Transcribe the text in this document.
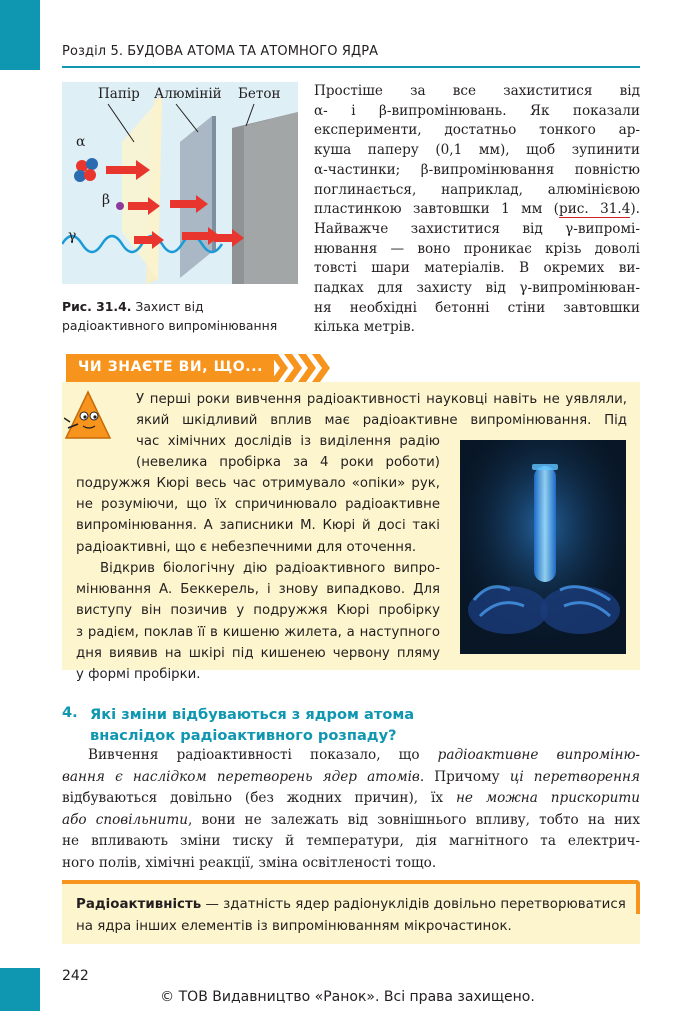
Розділ 5. БУДОВА АТОМА ТА АТОМНОГО ЯДРА
Папір Алюміній Бетон
α
β
γ
Рис. 31.4. Захист від
радіоактивного випромінювання
Простіше за все захиститися від
α- і β-випромінювань. Як показали
експерименти, достатньо тонкого ар-
куша паперу (0,1 мм), щоб зупинити
α-частинки; β-випромінювання повністю
поглинається, наприклад, алюмінієвою
пластинкою завтовшки 1 мм (рис. 31.4).
Найважче захиститися від γ-випромі-
нювання — воно проникає крізь доволі
товсті шари матеріалів. В окремих ви-
падках для захисту від γ-випромінюван-
ня необхідні бетонні стіни завтовшки
кілька метрів.
ЧИ ЗНАЄТЕ ВИ, ЩО...
У перші роки вивчення радіоактивності науковці навіть не уявляли,
який шкідливий вплив має радіоактивне випромінювання. Під
час хімічних дослідів із виділення радію
(невелика пробірка за 4 роки роботи)
подружжя Кюрі весь час отримувало «опіки» рук,
не розуміючи, що їх спричинювало радіоактивне
випромінювання. А записники М. Кюрі й досі такі
радіоактивні, що є небезпечними для оточення.
Відкрив біологічну дію радіоактивного випро-
мінювання А. Беккерель, і знову випадково. Для
виступу він позичив у подружжя Кюрі пробірку
з радієм, поклав її в кишеню жилета, а наступного
дня виявив на шкірі під кишенею червону пляму
у формі пробірки.
4. Які зміни відбуваються з ядром атома
внаслідок радіоактивного розпаду?
Вивчення радіоактивності показало, що радіоактивне випроміню-
вання є наслідком перетворень ядер атомів. Причому ці перетворення
відбуваються довільно (без жодних причин), їх не можна прискорити
або сповільнити, вони не залежать від зовнішнього впливу, тобто на них
не впливають зміни тиску й температури, дія магнітного та електрич-
ного полів, хімічні реакції, зміна освітленості тощо.
Радіоактивність — здатність ядер радіонуклідів довільно перетворюватися
на ядра інших елементів із випромінюванням мікрочастинок.
242
© ТОВ Видавництво «Ранок». Всі права захищено.
